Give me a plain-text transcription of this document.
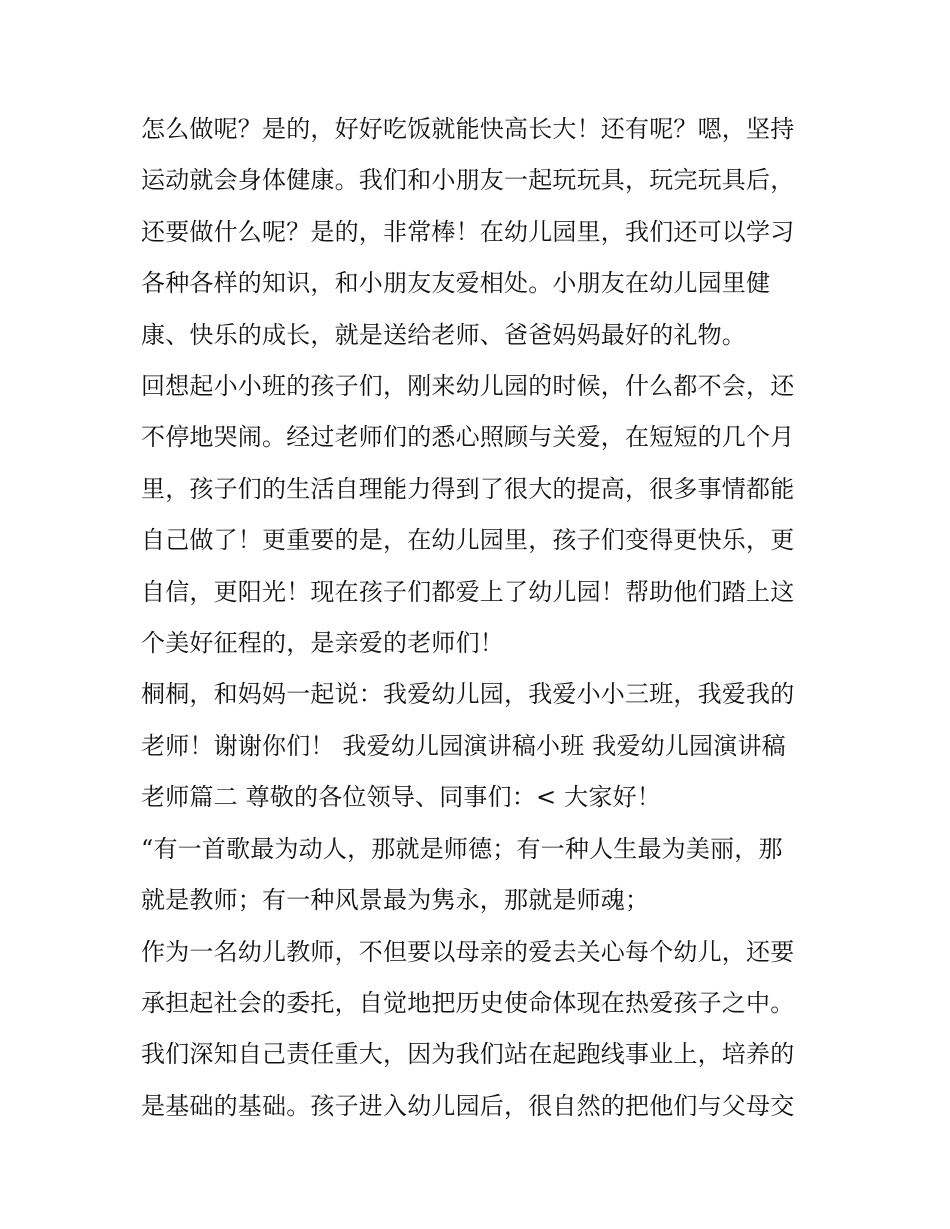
怎么做呢？是的，好好吃饭就能快高长大！还有呢？嗯，坚持
运动就会身体健康。我们和小朋友一起玩玩具，玩完玩具后，
还要做什么呢？是的，非常棒！在幼儿园里，我们还可以学习
各种各样的知识，和小朋友友爱相处。小朋友在幼儿园里健
康、快乐的成长，就是送给老师、爸爸妈妈最好的礼物。
回想起小小班的孩子们，刚来幼儿园的时候，什么都不会，还
不停地哭闹。经过老师们的悉心照顾与关爱，在短短的几个月
里，孩子们的生活自理能力得到了很大的提高，很多事情都能
自己做了！更重要的是，在幼儿园里，孩子们变得更快乐，更
自信，更阳光！现在孩子们都爱上了幼儿园！帮助他们踏上这
个美好征程的，是亲爱的老师们！
桐桐，和妈妈一起说：我爱幼儿园，我爱小小三班，我爱我的
老师！谢谢你们！ 我爱幼儿园演讲稿小班 我爱幼儿园演讲稿
老师篇二 尊敬的各位领导、同事们：< 大家好！
“有一首歌最为动人，那就是师德；有一种人生最为美丽，那
就是教师；有一种风景最为隽永，那就是师魂；
作为一名幼儿教师，不但要以母亲的爱去关心每个幼儿，还要
承担起社会的委托，自觉地把历史使命体现在热爱孩子之中。
我们深知自己责任重大，因为我们站在起跑线事业上，培养的
是基础的基础。孩子进入幼儿园后，很自然的把他们与父母交
